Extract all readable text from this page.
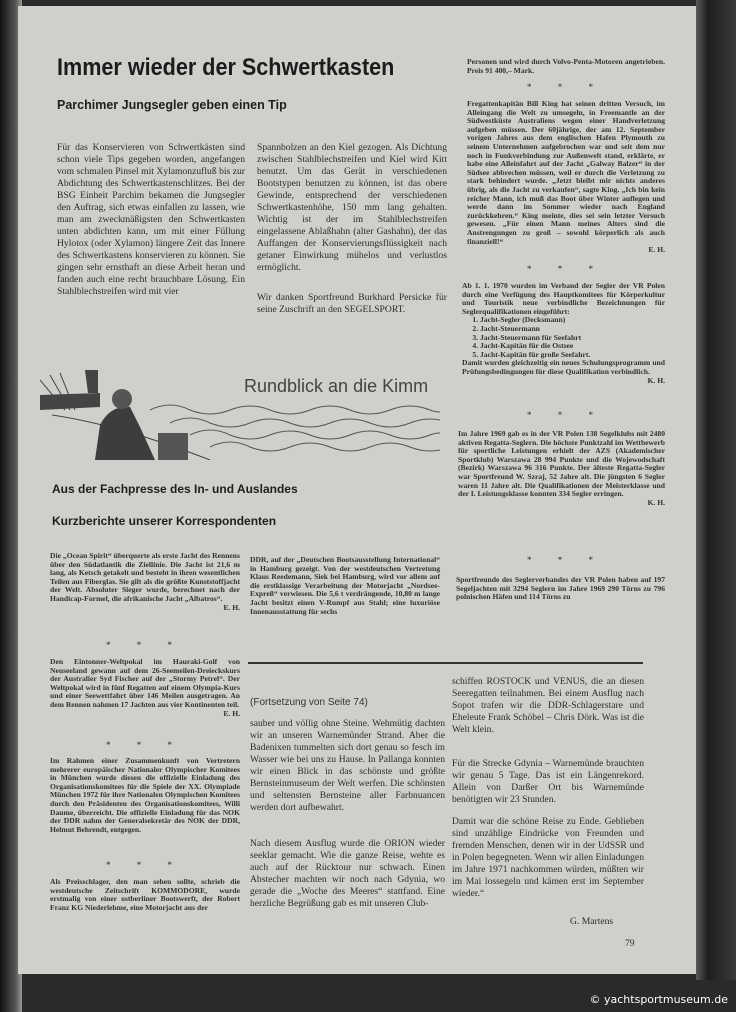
Immer wieder der Schwertkasten
Parchimer Jungsegler geben einen Tip

Für das Konservieren von Schwertkästen sind schon viele Tips gegeben worden, angefangen vom schmalen Pinsel mit Xylamonzufluß bis zur Abdichtung des Schwertkastenschlitzes. Bei der BSG Einheit Parchim bekamen die Jungsegler den Auftrag, sich etwas einfallen zu lassen, wie man am zweckmäßigsten den Schwertkasten unten abdichten kann, um mit einer Füllung Hylotox (oder Xylamon) längere Zeit das Innere des Schwertkastens konservieren zu können. Sie gingen sehr ernsthaft an diese Arbeit heran und fanden auch eine recht brauchbare Lösung. Ein Stahlblechstreifen wird mit vier

Spannbolzen an den Kiel gezogen. Als Dichtung zwischen Stahlblechstreifen und Kiel wird Kitt benutzt. Um das Gerät in verschiedenen Bootstypen benutzen zu können, ist das obere Gewinde, entsprechend der verschiedenen Schwertkastenhöhe, 150 mm lang gehalten. Wichtig ist der im Stahlblechstreifen eingelassene Ablaßhahn (alter Gashahn), der das Auffangen der Konservierungsflüssigkeit nach getaner Einwirkung mühelos und verlustlos ermöglicht.

Wir danken Sportfreund Burkhard Persicke für seine Zuschrift an den SEGELSPORT.

Rundblick an die Kimm
Aus der Fachpresse des In- und Auslandes
Kurzberichte unserer Korrespondenten

Personen und wird durch Volvo-Penta-Motoren angetrieben. Preis 91 400,– Mark.

* * *

Fregattenkapitän Bill King hat seinen dritten Versuch, im Alleingang die Welt zu umsegeln, in Freemantle an der Südwestküste Australiens wegen einer Handverletzung aufgeben müssen. Der 60jährige, der am 12. September vorigen Jahres aus dem englischen Hafen Plymouth zu seinem Unternehmen aufgebrochen war und seit dem nur noch in Funkverbindung zur Außenwelt stand, erklärte, er habe eine Alleinfahrt auf der Jacht „Galway Balzer“ in der Südsee abbrechen müssen, weil er durch die Verletzung zu stark behindert wurde. „Jetzt bleibt mir nichts anderes übrig, als die Jacht zu verkaufen“, sagte King. „Ich bin kein reicher Mann, ich muß das Boot über Winter auflegen und werde dann im Sommer wieder nach England zurückkehren.“ King meinte, dies sei sein letzter Versuch gewesen. „Für einen Mann meines Alters sind die Anstrengungen zu groß – sowohl körperlich als auch finanziell!“
E. H.

* * *
Ab 1. 1. 1970 wurden im Verband der Segler der VR Polen durch eine Verfügung des Hauptkomitees für Körperkultur und Touristik neue verbindliche Bezeichnungen für Seglerqualifikationen eingeführt:
1. Jacht-Segler (Decksmann)
2. Jacht-Steuermann
3. Jacht-Steuermann für Seefahrt
4. Jacht-Kapitän für die Ostsee
5. Jacht-Kapitän für große Seefahrt.
Damit wurden gleichzeitig ein neues Schulungsprogramm und Prüfungsbedingungen für diese Qualifikation verbindlich.
K. H.
* * *

Im Jahre 1969 gab es in der VR Polen 138 Segelklubs mit 2480 aktiven Regatta-Seglern. Die höchste Punktzahl im Wettbewerb für sportliche Leistungen erhielt der AZS (Akademischer Sportklub) Warszawa 28 994 Punkte und die Wojewodschaft (Bezirk) Warszawa 96 316 Punkte. Der älteste Regatta-Segler war Sportfreund W. Szraj, 52 Jahre alt. Die jüngsten 6 Segler waren 11 Jahre alt. Die Qualifikationen der Meisterklasse und der I. Leistungsklasse konnten 334 Segler erringen.
K. H.

* * *

Sportfreunde des Seglerverbandes der VR Polen haben auf 197 Segeljachten mit 3294 Seglern im Jahre 1969 290 Törns zu 796 polnischen Häfen und 114 Törns zu

Die „Ocean Spirit“ überquerte als erste Jacht des Rennens über den Südatlantik die Ziellinie. Die Jacht ist 21,6 m lang, als Ketsch getakelt und besteht in ihren wesentlichen Teilen aus Fiberglas. Sie gilt als die größte Kunststoffjacht der Welt. Absoluter Sieger wurde, berechnet nach der Handicap-Formel, die afrikanische Jacht „Albatros“.
E. H.

* * *

Den Eintonner-Weltpokal im Hauraki-Golf von Neuseeland gewann auf dem 26-Seemeilen-Dreieckskurs der Australier Syd Fischer auf der „Stormy Petrel“. Der Weltpokal wird in fünf Regatten auf einem Olympia-Kurs und einer Seewettfahrt über 146 Meilen ausgetragen. An dem Rennen nahmen 17 Jachten aus vier Kontinenten teil.
E. H.

* * *

Im Rahmen einer Zusammenkunft von Vertretern mehrerer europäischer Nationaler Olympischer Komitees in München wurde diesen die offizielle Einladung des Organisationskomitees für die Spiele der XX. Olympiade München 1972 für ihre Nationalen Olympischen Komitees durch den Präsidenten des Organisationskomitees, Willi Daume, überreicht. Die offizielle Einladung für das NOK der DDR nahm der Generalsekretär des NOK der DDR, Helmut Behrendt, entgegen.

* * *

Als Preisschlager, den man sehen sollte, schrieb die westdeutsche Zeitschrift KOMMODORE, wurde erstmalig von einer ostberliner Bootswerft, der Robert Franz KG Niederlehme, eine Motorjacht aus der

DDR, auf der „Deutschen Bootsausstellung International“ in Hamburg gezeigt. Von der westdeutschen Vertretung Klaus Reedemann, Siek bei Hamburg, wird vor allem auf die erstklassige Verarbeitung der Motorjacht „Nordsee-Expreß“ verwiesen. Die 5,6 t verdrängende, 10,80 m lange Jacht besitzt einen V-Rumpf aus Stahl; eine luxuriöse Innenausstattung für sechs

(Fortsetzung von Seite 74)

sauber und völlig ohne Steine. Wehmütig dachten wir an unseren Warnemünder Strand. Aber die Badenixen tummelten sich dort genau so fesch im Wasser wie bei uns zu Hause. In Pallanga konnten wir einen Blick in das schönste und größte Bernsteinmuseum der Welt werfen. Die schönsten und seltensten Bernsteine aller Farbnuancen werden dort aufbewahrt.

Nach diesem Ausflug wurde die ORION wieder seeklar gemacht. Wie die ganze Reise, wehte es auch auf der Rücktour nur schwach. Einen Abstecher machten wir noch nach Gdynia, wo gerade die „Woche des Meeres“ stattfand. Eine herzliche Begrüßung gab es mit unseren Club-

schiffen ROSTOCK und VENUS, die an diesen Seeregatten teilnahmen. Bei einem Ausflug nach Sopot trafen wir die DDR-Schlagerstare und Eheleute Frank Schöbel – Chris Dörk. Was ist die Welt klein.

Für die Strecke Gdynia – Warnemünde brauchten wir genau 5 Tage. Das ist ein Längenrekord. Allein von Darßer Ort bis Warnemünde benötigten wir 23 Stunden.

Damit war die schöne Reise zu Ende. Geblieben sind unzählige Eindrücke von Freunden und fremden Menschen, denen wir in der UdSSR und in Polen begegneten. Wenn wir allen Einladungen im Jahre 1971 nachkommen würden, müßten wir im Mai lossegeln und kämen erst im September wieder.“

G. Martens
79
© yachtsportmuseum.de
